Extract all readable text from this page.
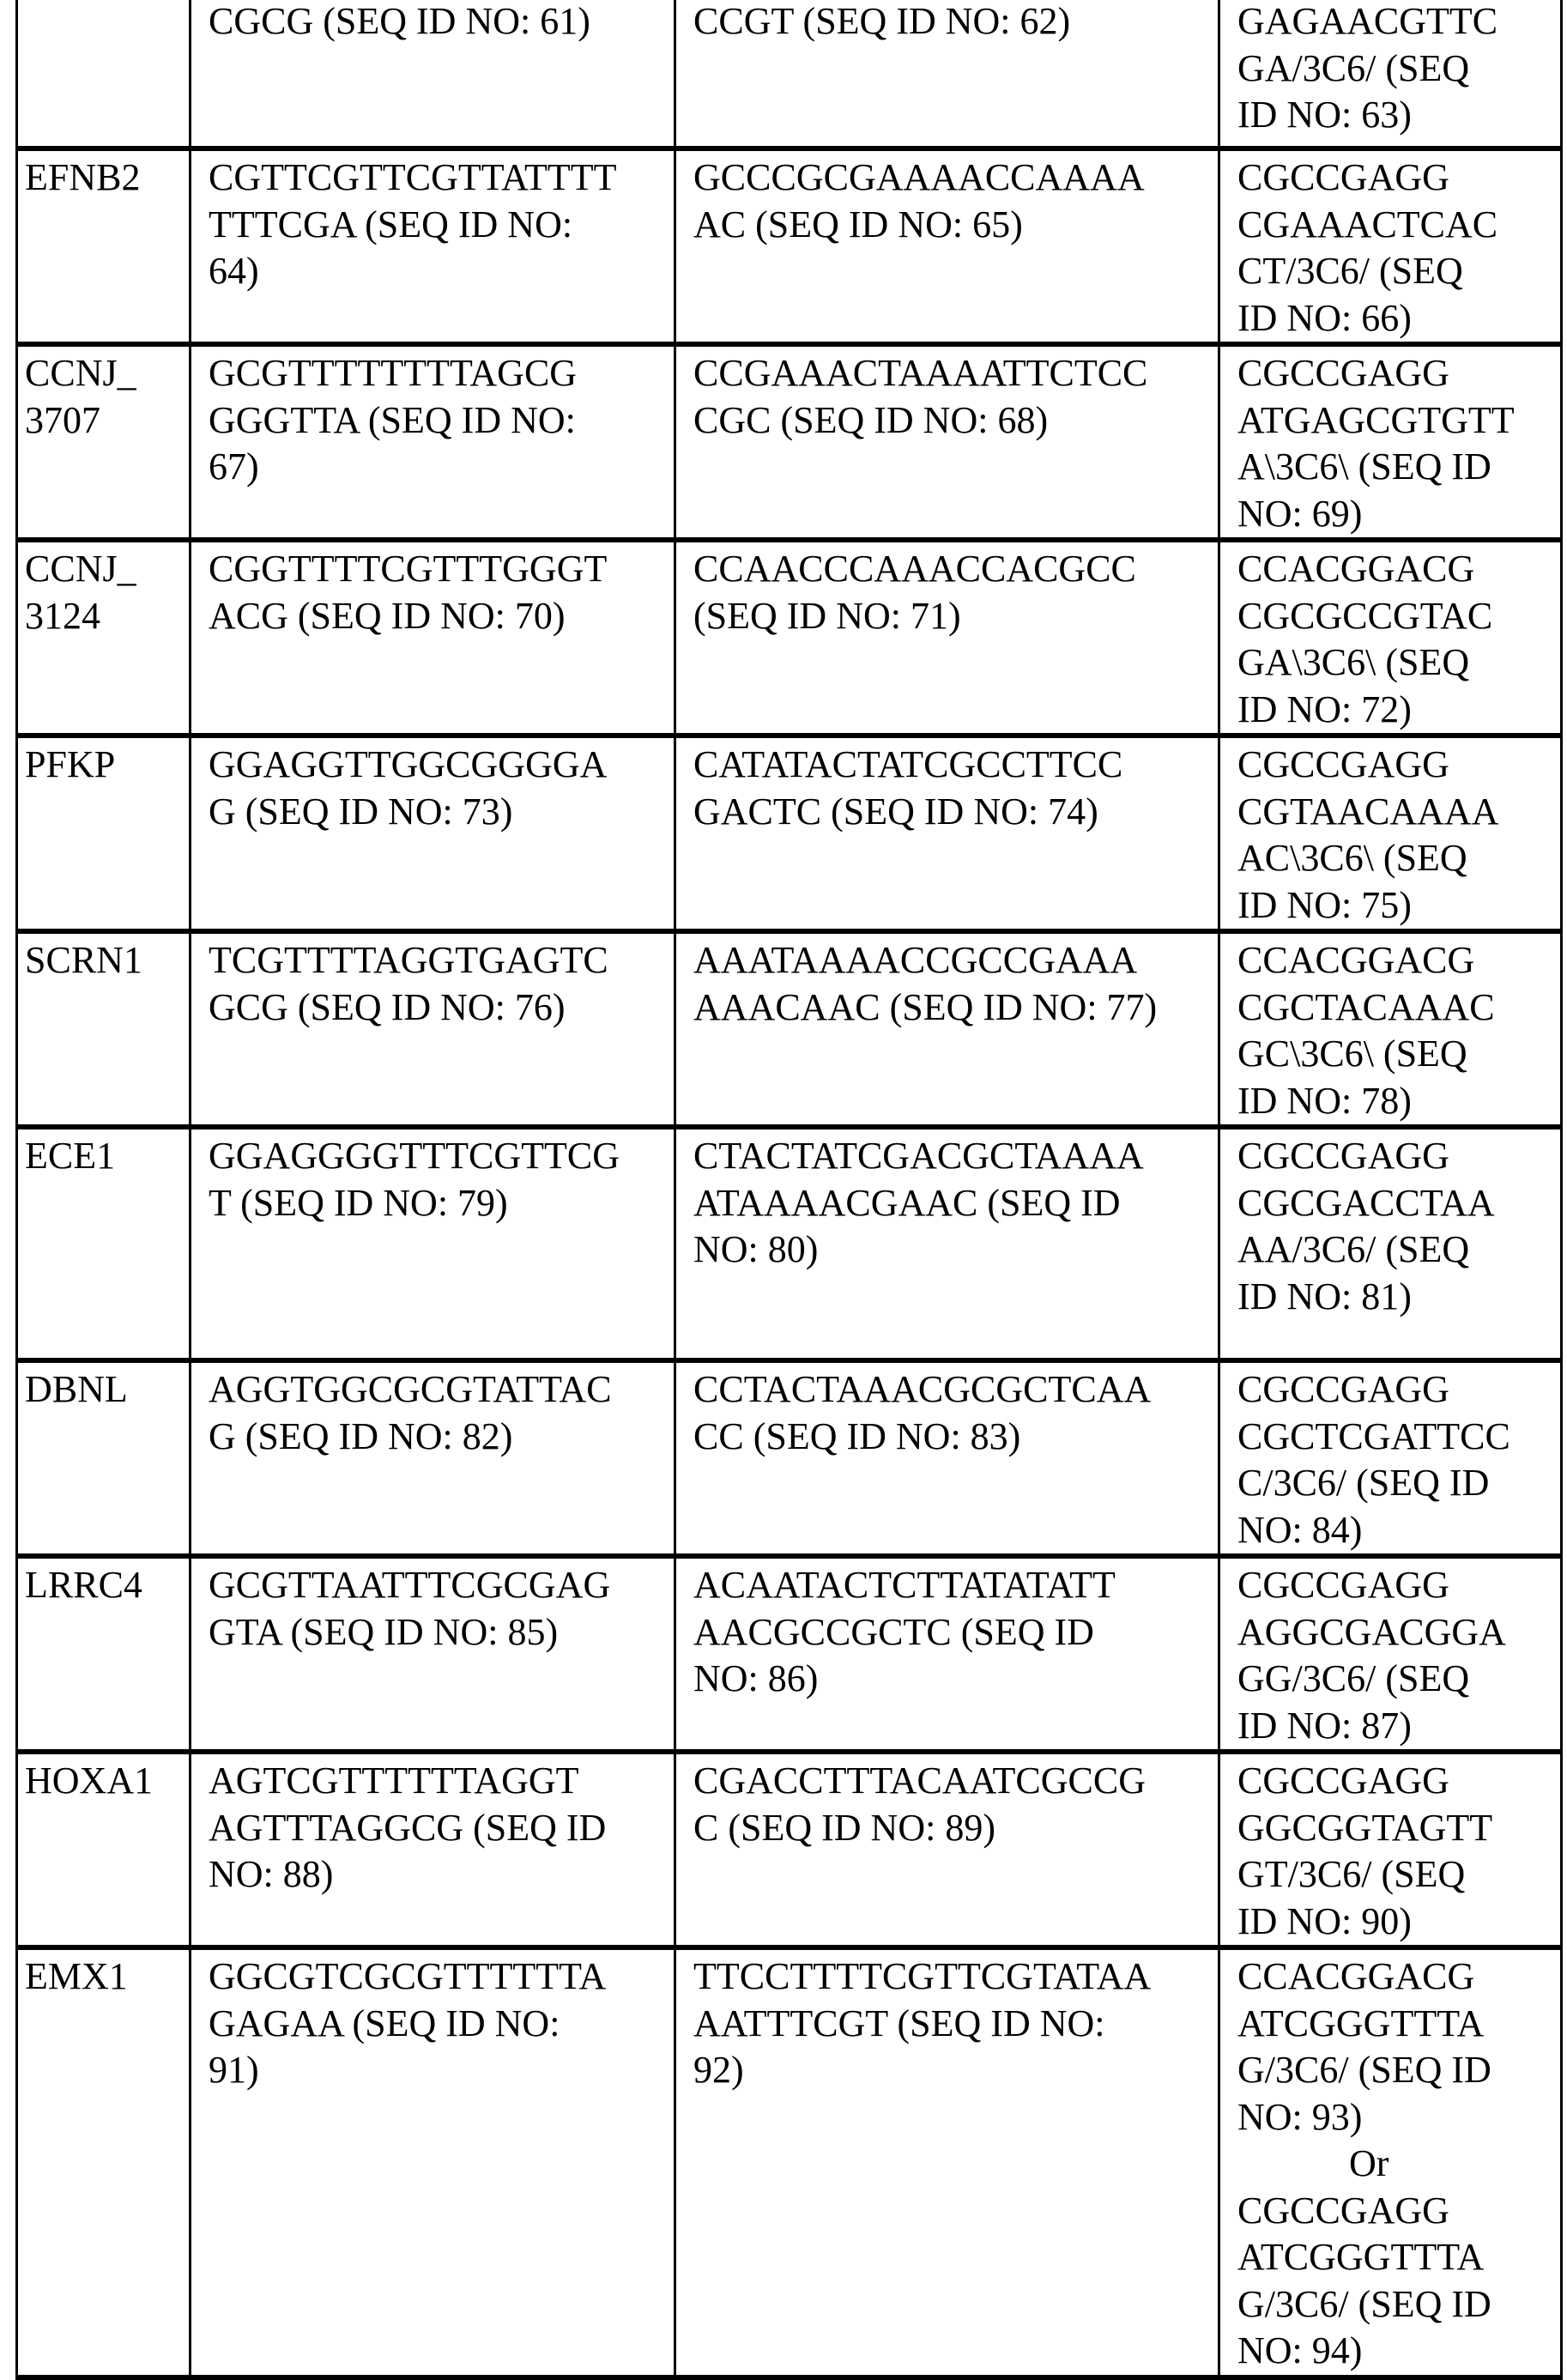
	CGCG (SEQ ID NO: 61)	CCGT (SEQ ID NO: 62)	GAGAACGTTC
GA/3C6/ (SEQ
ID NO: 63)
EFNB2	CGTTCGTTCGTTATTTT
TTTCGA (SEQ ID NO:
64)	GCCCGCGAAAACCAAAA
AC (SEQ ID NO: 65)	CGCCGAGG
CGAAACTCAC
CT/3C6/ (SEQ
ID NO: 66)
CCNJ_
3707	GCGTTTTTTTTAGCG
GGGTTA (SEQ ID NO:
67)	CCGAAACTAAAATTCTCC
CGC (SEQ ID NO: 68)	CGCCGAGG
ATGAGCGTGTT
A\3C6\ (SEQ ID
NO: 69)
CCNJ_
3124	CGGTTTTCGTTTGGGT
ACG (SEQ ID NO: 70)	CCAACCCAAACCACGCC
(SEQ ID NO: 71)	CCACGGACG
CGCGCCGTAC
GA\3C6\ (SEQ
ID NO: 72)
PFKP	GGAGGTTGGCGGGGA
G (SEQ ID NO: 73)	CATATACTATCGCCTTCC
GACTC (SEQ ID NO: 74)	CGCCGAGG
CGTAACAAAA
AC\3C6\ (SEQ
ID NO: 75)
SCRN1	TCGTTTTAGGTGAGTC
GCG (SEQ ID NO: 76)	AAATAAAACCGCCGAAA
AAACAAC (SEQ ID NO: 77)	CCACGGACG
CGCTACAAAC
GC\3C6\ (SEQ
ID NO: 78)
ECE1	GGAGGGGTTTCGTTCG
T (SEQ ID NO: 79)	CTACTATCGACGCTAAAA
ATAAAACGAAC (SEQ ID
NO: 80)	CGCCGAGG
CGCGACCTAA
AA/3C6/ (SEQ
ID NO: 81)
DBNL	AGGTGGCGCGTATTAC
G (SEQ ID NO: 82)	CCTACTAAACGCGCTCAA
CC (SEQ ID NO: 83)	CGCCGAGG
CGCTCGATTCC
C/3C6/ (SEQ ID
NO: 84)
LRRC4	GCGTTAATTTCGCGAG
GTA (SEQ ID NO: 85)	ACAATACTCTTATATATT
AACGCCGCTC (SEQ ID
NO: 86)	CGCCGAGG
AGGCGACGGA
GG/3C6/ (SEQ
ID NO: 87)
HOXA1	AGTCGTTTTTTAGGT
AGTTTAGGCG (SEQ ID
NO: 88)	CGACCTTTACAATCGCCG
C (SEQ ID NO: 89)	CGCCGAGG
GGCGGTAGTT
GT/3C6/ (SEQ
ID NO: 90)
EMX1	GGCGTCGCGTTTTTTA
GAGAA (SEQ ID NO:
91)	TTCCTTTTCGTTCGTATAA
AATTTCGT (SEQ ID NO:
92)	CCACGGACG
ATCGGGTTTA
G/3C6/ (SEQ ID
NO: 93)
Or
CGCCGAGG
ATCGGGTTTA
G/3C6/ (SEQ ID
NO: 94)
